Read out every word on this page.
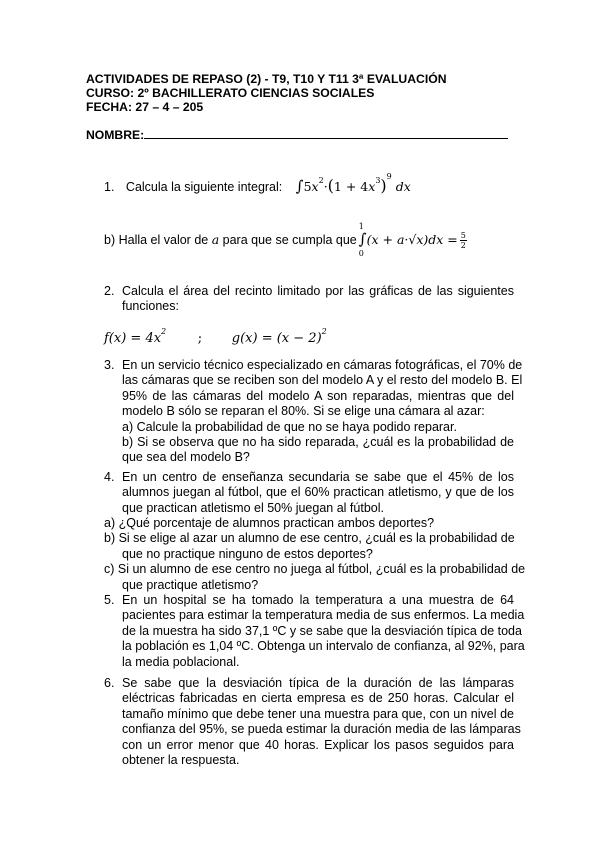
ACTIVIDADES DE REPASO (2) - T9, T10 Y T11 3ª EVALUACIÓN
CURSO: 2º BACHILLERATO CIENCIAS SOCIALES
FECHA: 27 – 4 – 205
NOMBRE:
1. Calcula la siguiente integral: $\int 5x^2\cdot(1 + 4x^3)^9dx$
b) Halla el valor de a para que se cumpla que
1
∫
0
$(x + a\cdot√x)dx = \frac{5}{2}$
2. Calcula el área del recinto limitado por las gráficas de las siguientes
funciones:
$f(x) = 4x^2$ ; $g(x) = (x - 2)^2$
3. En un servicio técnico especializado en cámaras fotográficas, el 70% de
las cámaras que se reciben son del modelo A y el resto del modelo B. El
95% de las cámaras del modelo A son reparadas, mientras que del
modelo B sólo se reparan el 80%. Si se elige una cámara al azar:
a) Calcule la probabilidad de que no se haya podido reparar.
b) Si se observa que no ha sido reparada, ¿cuál es la probabilidad de
que sea del modelo B?
4. En un centro de enseñanza secundaria se sabe que el 45% de los
alumnos juegan al fútbol, que el 60% practican atletismo, y que de los
que practican atletismo el 50% juegan al fútbol.
a) ¿Qué porcentaje de alumnos practican ambos deportes?
b) Si se elige al azar un alumno de ese centro, ¿cuál es la probabilidad de
que no practique ninguno de estos deportes?
c) Si un alumno de ese centro no juega al fútbol, ¿cuál es la probabilidad de
que practique atletismo?
5. En un hospital se ha tomado la temperatura a una muestra de 64
pacientes para estimar la temperatura media de sus enfermos. La media
de la muestra ha sido 37,1 ºC y se sabe que la desviación típica de toda
la población es 1,04 ºC. Obtenga un intervalo de confianza, al 92%, para
la media poblacional.
6. Se sabe que la desviación típica de la duración de las lámparas
eléctricas fabricadas en cierta empresa es de 250 horas. Calcular el
tamaño mínimo que debe tener una muestra para que, con un nivel de
confianza del 95%, se pueda estimar la duración media de las lámparas
con un error menor que 40 horas. Explicar los pasos seguidos para
obtener la respuesta.
